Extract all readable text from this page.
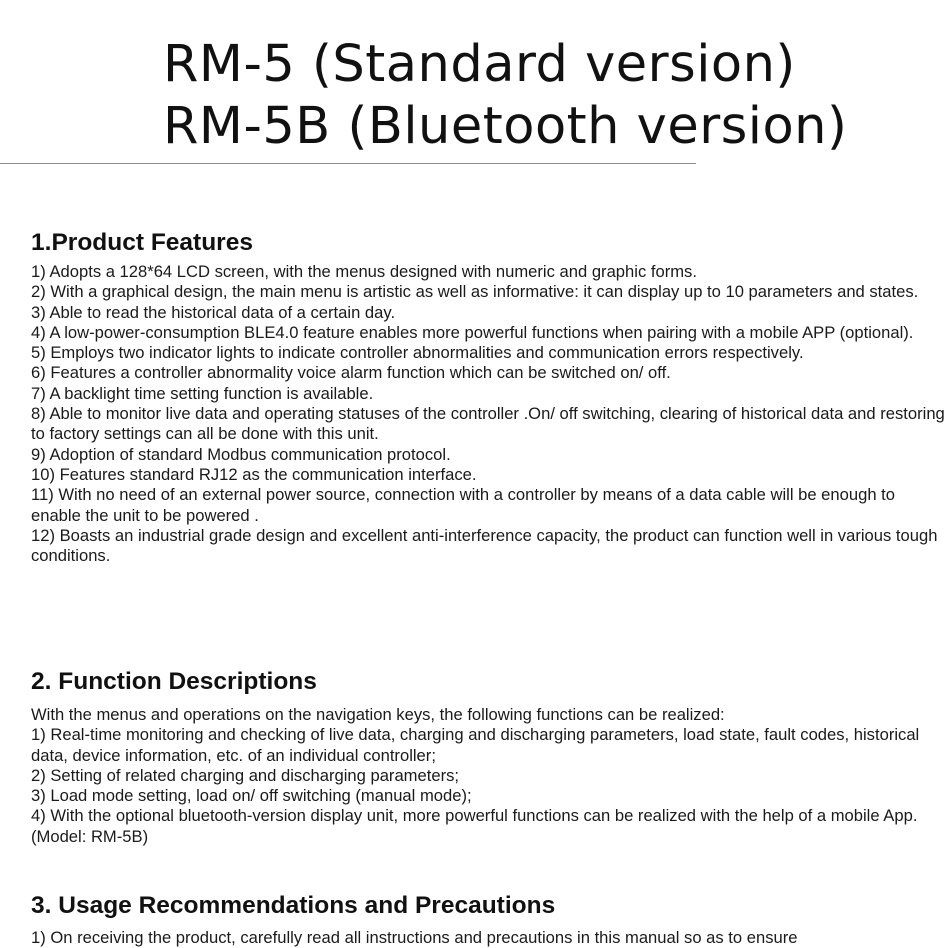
RM-5 (Standard version)
RM-5B (Bluetooth version)
1.Product Features

1) Adopts a 128*64 LCD screen, with the menus designed with numeric and graphic forms.

2) With a graphical design, the main menu is artistic as well as informative: it can display up to 10 parameters and states.

3) Able to read the historical data of a certain day.

4) A low-power-consumption BLE4.0 feature enables more powerful functions when pairing with a mobile APP (optional).

5) Employs two indicator lights to indicate controller abnormalities and communication errors respectively.

6) Features a controller abnormality voice alarm function which can be switched on/ off.

7) A backlight time setting function is available.

8) Able to monitor live data and operating statuses of the controller .On/ off switching, clearing of historical data and restoring to factory settings can all be done with this unit.

9) Adoption of standard Modbus communication protocol.

10) Features standard RJ12 as the communication interface.

11) With no need of an external power source, connection with a controller by means of a data cable will be enough to enable the unit to be powered .

12) Boasts an industrial grade design and excellent anti-interference capacity, the product can function well in various tough conditions.

2. Function Descriptions

With the menus and operations on the navigation keys, the following functions can be realized:

1) Real-time monitoring and checking of live data, charging and discharging parameters, load state, fault codes, historical data, device information, etc. of an individual controller;

2) Setting of related charging and discharging parameters;

3) Load mode setting, load on/ off switching (manual mode);

4) With the optional bluetooth-version display unit, more powerful functions can be realized with the help of a mobile App. (Model: RM-5B)

3. Usage Recommendations and Precautions

1) On receiving the product, carefully read all instructions and precautions in this manual so as to ensure
